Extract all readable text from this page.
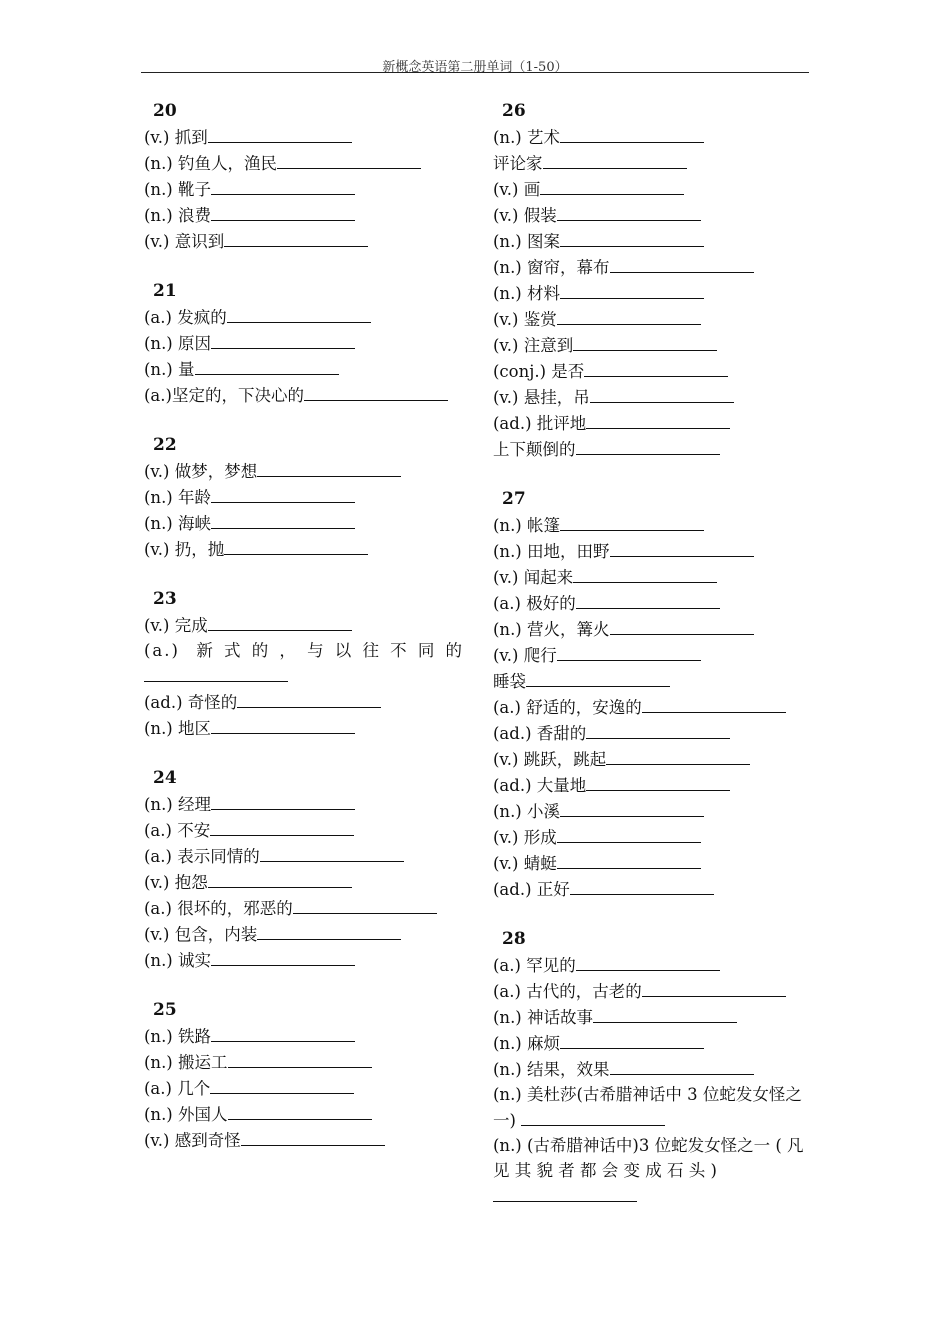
新概念英语第二册单词（1-50）
20
(v.) 抓到
(n.) 钓鱼人，渔民
(n.) 靴子
(n.) 浪费
(v.) 意识到
21
(a.) 发疯的
(n.) 原因
(n.) 量
(a.)坚定的，下决心的
22
(v.) 做梦，梦想
(n.) 年龄
(n.) 海峡
(v.) 扔，抛
23
(v.) 完成
(a.) 新式的，与以往不同的
(ad.) 奇怪的
(n.) 地区
24
(n.) 经理
(a.) 不安
(a.) 表示同情的
(v.) 抱怨
(a.) 很坏的，邪恶的
(v.) 包含，内装
(n.) 诚实
25
(n.) 铁路
(n.) 搬运工
(a.) 几个
(n.) 外国人
(v.) 感到奇怪
26
(n.) 艺术
评论家
(v.) 画
(v.) 假装
(n.) 图案
(n.) 窗帘，幕布
(n.) 材料
(v.) 鉴赏
(v.) 注意到
(conj.) 是否
(v.) 悬挂，吊
(ad.) 批评地
上下颠倒的
27
(n.) 帐篷
(n.) 田地，田野
(v.) 闻起来
(a.) 极好的
(n.) 营火，篝火
(v.) 爬行
睡袋
(a.) 舒适的，安逸的
(ad.) 香甜的
(v.) 跳跃，跳起
(ad.) 大量地
(n.) 小溪
(v.) 形成
(v.) 蜻蜓
(ad.) 正好
28
(a.) 罕见的
(a.) 古代的，古老的
(n.) 神话故事
(n.) 麻烦
(n.) 结果，效果
(n.) 美杜莎(古希腊神话中 3 位蛇发女怪之一)
(n.) (古希腊神话中)3 位蛇发女怪之一 ( 凡 见 其 貌 者 都 会 变 成 石 头 )
